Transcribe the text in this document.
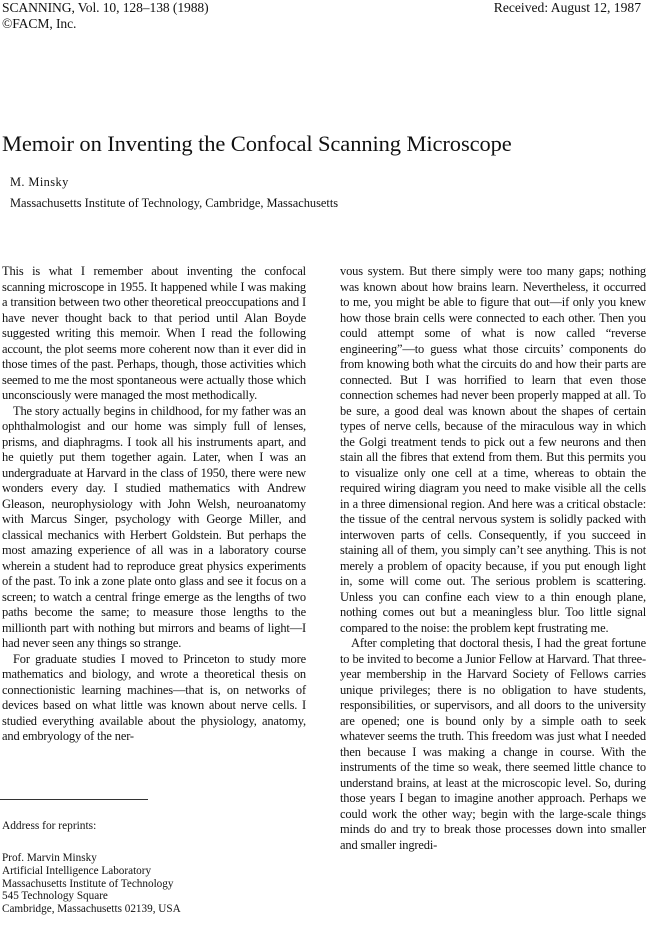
SCANNING, Vol. 10, 128–138 (1988)
©FACM, Inc.
Received: August 12, 1987
Memoir on Inventing the Confocal Scanning Microscope
M. Minsky
Massachusetts Institute of Technology, Cambridge, Massachusetts

This is what I remember about inventing the confocal scanning microscope in 1955. It happened while I was making a transition between two other theoretical preoccupations and I have never thought back to that period until Alan Boyde suggested writing this memoir. When I read the following account, the plot seems more coherent now than it ever did in those times of the past. Perhaps, though, those activities which seemed to me the most spontaneous were actually those which unconsciously were managed the most methodically.

The story actually begins in childhood, for my father was an ophthalmologist and our home was simply full of lenses, prisms, and diaphragms. I took all his instruments apart, and he quietly put them together again. Later, when I was an undergraduate at Harvard in the class of 1950, there were new wonders every day. I studied mathematics with Andrew Gleason, neurophysiology with John Welsh, neuroanatomy with Marcus Singer, psychology with George Miller, and classical mechanics with Herbert Goldstein. But perhaps the most amazing experience of all was in a laboratory course wherein a student had to reproduce great physics experiments of the past. To ink a zone plate onto glass and see it focus on a screen; to watch a central fringe emerge as the lengths of two paths become the same; to measure those lengths to the millionth part with nothing but mirrors and beams of light—I had never seen any things so strange.

For graduate studies I moved to Princeton to study more mathematics and biology, and wrote a theoretical thesis on connectionistic learning machines—that is, on networks of devices based on what little was known about nerve cells. I studied everything available about the physiology, anatomy, and embryology of the ner-

vous system. But there simply were too many gaps; nothing was known about how brains learn. Nevertheless, it occurred to me, you might be able to figure that out—if only you knew how those brain cells were connected to each other. Then you could attempt some of what is now called “reverse engineering”—to guess what those circuits’ components do from knowing both what the circuits do and how their parts are connected. But I was horrified to learn that even those connection schemes had never been properly mapped at all. To be sure, a good deal was known about the shapes of certain types of nerve cells, because of the miraculous way in which the Golgi treatment tends to pick out a few neurons and then stain all the fibres that extend from them. But this permits you to visualize only one cell at a time, whereas to obtain the required wiring diagram you need to make visible all the cells in a three dimensional region. And here was a critical obstacle: the tissue of the central nervous system is solidly packed with interwoven parts of cells. Consequently, if you succeed in staining all of them, you simply can’t see anything. This is not merely a problem of opacity because, if you put enough light in, some will come out. The serious problem is scattering. Unless you can confine each view to a thin enough plane, nothing comes out but a meaningless blur. Too little signal compared to the noise: the problem kept frustrating me.

After completing that doctoral thesis, I had the great fortune to be invited to become a Junior Fellow at Harvard. That three-year membership in the Harvard Society of Fellows carries unique privileges; there is no obligation to have students, responsibilities, or supervisors, and all doors to the university are opened; one is bound only by a simple oath to seek whatever seems the truth. This freedom was just what I needed then because I was making a change in course. With the instruments of the time so weak, there seemed little chance to understand brains, at least at the microscopic level. So, during those years I began to imagine another approach. Perhaps we could work the other way; begin with the large-scale things minds do and try to break those processes down into smaller and smaller ingredi-

Address for reprints:
Prof. Marvin Minsky
Artificial Intelligence Laboratory
Massachusetts Institute of Technology
545 Technology Square
Cambridge, Massachusetts 02139, USA
